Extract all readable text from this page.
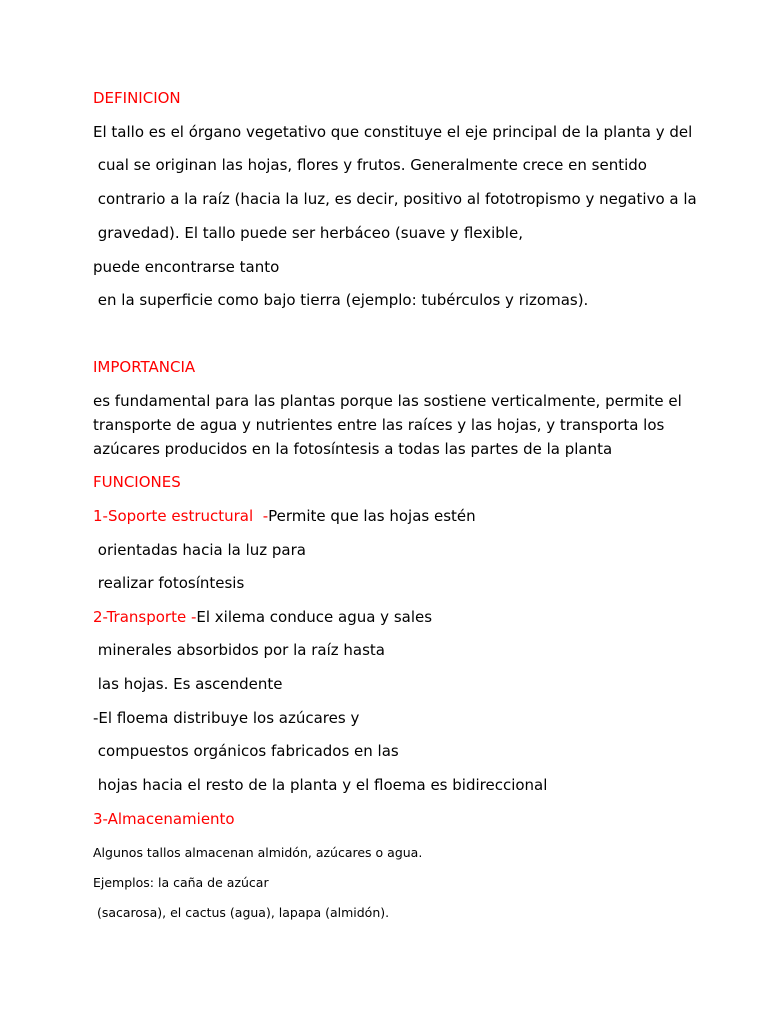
DEFINICION

El tallo es el órgano vegetativo que constituye el eje principal de la planta y del

cual se originan las hojas, flores y frutos. Generalmente crece en sentido

contrario a la raíz (hacia la luz, es decir, positivo al fototropismo y negativo a la

gravedad). El tallo puede ser herbáceo (suave y flexible,

puede encontrarse tanto

en la superficie como bajo tierra (ejemplo: tubérculos y rizomas).

IMPORTANCIA

es fundamental para las plantas porque las sostiene verticalmente, permite el

transporte de agua y nutrientes entre las raíces y las hojas, y transporta los

azúcares producidos en la fotosíntesis a todas las partes de la planta

FUNCIONES

1-Soporte estructural  -Permite que las hojas estén

orientadas hacia la luz para

realizar fotosíntesis

2-Transporte -El xilema conduce agua y sales

minerales absorbidos por la raíz hasta

las hojas. Es ascendente

-El floema distribuye los azúcares y

compuestos orgánicos fabricados en las

hojas hacia el resto de la planta y el floema es bidireccional

3-Almacenamiento

Algunos tallos almacenan almidón, azúcares o agua.

Ejemplos: la caña de azúcar

(sacarosa), el cactus (agua), lapapa (almidón).
